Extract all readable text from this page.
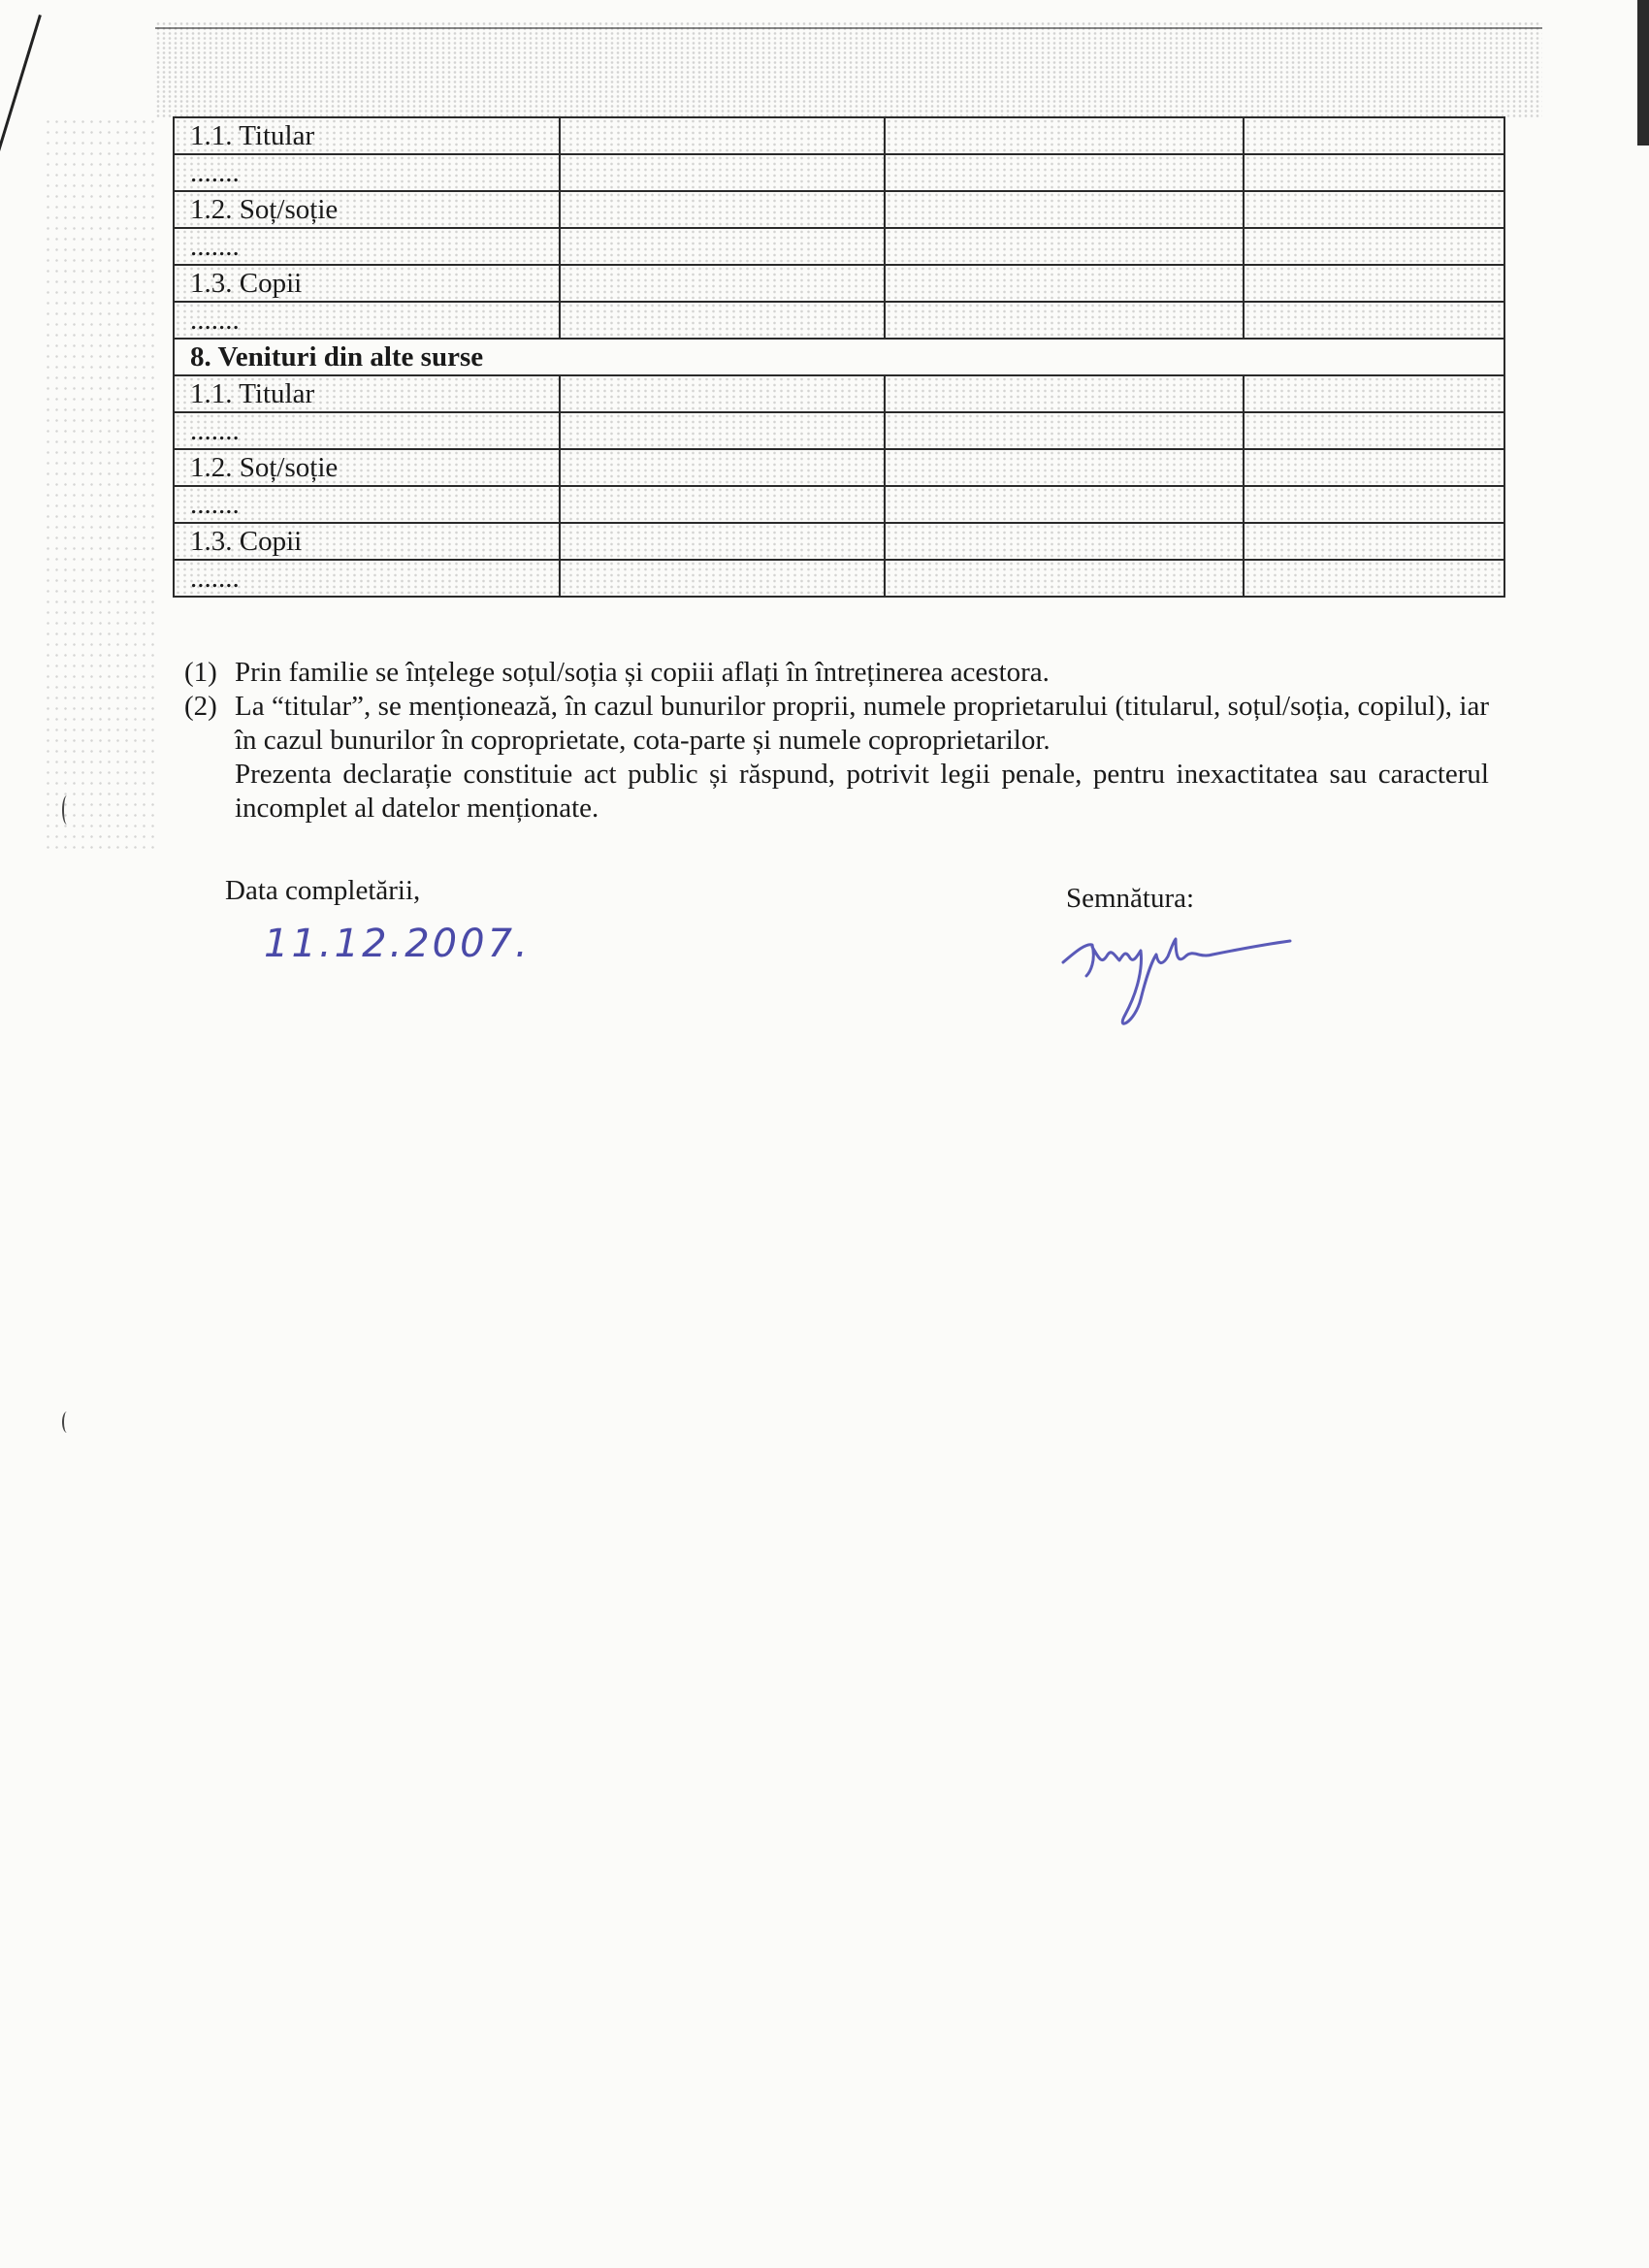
1.1. Titular			
.......			
1.2. Soț/soție			
.......			
1.3. Copii			
.......			
8. Venituri din alte surse			
1.1. Titular			
.......			
1.2. Soț/soție			
.......			
1.3. Copii			
.......			
(1) Prin familie se înțelege soțul/soția și copiii aflați în întreținerea acestora.
(2) La “titular”, se menționează, în cazul bunurilor proprii, numele proprietarului (titularul, soțul/soția, copilul), iar în cazul bunurilor în coproprietate, cota-parte și numele coproprietarilor.
Prezenta declarație constituie act public și răspund, potrivit legii penale, pentru inexactitatea sau caracterul incomplet al datelor menționate.
Data completării,
11.12.2007.
Semnătura:
